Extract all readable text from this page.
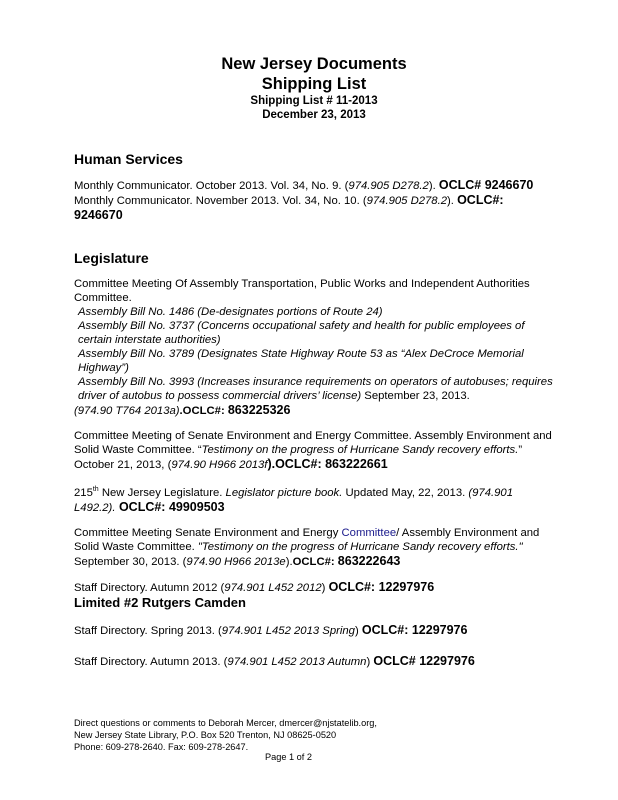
New Jersey Documents

Shipping List

Shipping List # 11-2013

December 23, 2013

Human Services

Monthly Communicator. October 2013. Vol. 34, No. 9. (974.905 D278.2). OCLC# 9246670

Monthly Communicator. November 2013. Vol. 34, No. 10. (974.905 D278.2). OCLC#: 9246670

Legislature

Committee Meeting Of Assembly Transportation, Public Works and Independent Authorities Committee.

Assembly Bill No. 1486 (De-designates portions of Route 24)

Assembly Bill No. 3737 (Concerns occupational safety and health for public employees of certain interstate authorities)

Assembly Bill No. 3789 (Designates State Highway Route 53 as “Alex DeCroce Memorial Highway”)

Assembly Bill No. 3993 (Increases insurance requirements on operators of autobuses; requires driver of autobus to possess commercial drivers’ license) September 23, 2013.

(974.90 T764 2013a).OCLC#: 863225326

Committee Meeting of Senate Environment and Energy Committee. Assembly Environment and Solid Waste Committee. “Testimony on the progress of Hurricane Sandy recovery efforts.” October 21, 2013, (974.90 H966 2013f).OCLC#: 863222661

215th New Jersey Legislature. Legislator picture book. Updated May, 22, 2013. (974.901 L492.2). OCLC#: 49909503

Committee Meeting Senate Environment and Energy Committee/ Assembly Environment and Solid Waste Committee. "Testimony on the progress of Hurricane Sandy recovery efforts." September 30, 2013. (974.90 H966 2013e).OCLC#: 863222643

Staff Directory. Autumn 2012 (974.901 L452 2012) OCLC#: 12297976

Limited #2 Rutgers Camden

Staff Directory. Spring 2013. (974.901 L452 2013 Spring) OCLC#: 12297976

Staff Directory. Autumn 2013. (974.901 L452 2013 Autumn) OCLC# 12297976

Direct questions or comments to Deborah Mercer, dmercer@njstatelib.org,
New Jersey State Library, P.O. Box 520 Trenton, NJ 08625-0520
Phone: 609-278-2640. Fax: 609-278-2647.
Page 1 of 2
